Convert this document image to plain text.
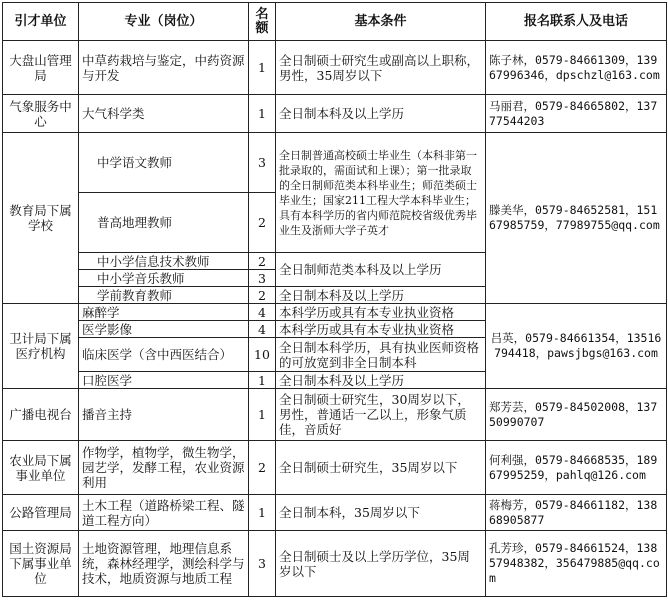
引才单位	专业（岗位）	名额	基本条件	报名联系人及电话
大盘山管理局	中草药栽培与鉴定，中药资源与开发	1	全日制硕士研究生或副高以上职称，男性，35周岁以下	陈子林，0579-84661309，13967996346，dpschzl@163.com
气象服务中心	大气科学类	1	全日制本科及以上学历	马丽君，0579-84665802，13777544203
教育局下属学校	中学语文教师	3	全日制普通高校硕士毕业生（本科非第一批录取的，需面试和上课）；第一批录取的全日制师范类本科毕业生；师范类硕士毕业生；国家211工程大学本科毕业生；具有本科学历的省内师范院校省级优秀毕业生及浙师大学子英才	滕美华，0579-84652581，15167985759，77989755@qq.com
	普高地理教师	2		
	中小学信息技术教师	2	全日制师范类本科及以上学历	
	中小学音乐教师	3		
	学前教育教师	2	全日制本科及以上学历	
卫计局下属医疗机构	麻醉学	4	本科学历或具有本专业执业资格	吕英，0579-84661354，13516794418，pawsjbgs@163.com
	医学影像	4	本科学历或具有本专业执业资格	
	临床医学（含中西医结合）	10	全日制本科学历，具有执业医师资格的可放宽到非全日制本科	
	口腔医学	1	全日制本科及以上学历	
广播电视台	播音主持	1	全日制硕士研究生，30周岁以下，男性，普通话一乙以上，形象气质佳，音质好	郑芳芸，0579-84502008，13750990707
农业局下属事业单位	作物学，植物学，微生物学，园艺学，发酵工程，农业资源利用	2	全日制硕士研究生，35周岁以下	何利强，0579-84668535，18967995259，pahlq@126.com
公路管理局	土木工程（道路桥梁工程、隧道工程方向）	1	全日制本科，35周岁以下	蒋梅芳，0579-84661182，13868905877
国土资源局下属事业单位	土地资源管理，地理信息系统，森林经理学，测绘科学与技术，地质资源与地质工程	3	全日制硕士及以上学历学位，35周岁以下	孔芳珍，0579-84661524，13857948382，356479885@qq.com
